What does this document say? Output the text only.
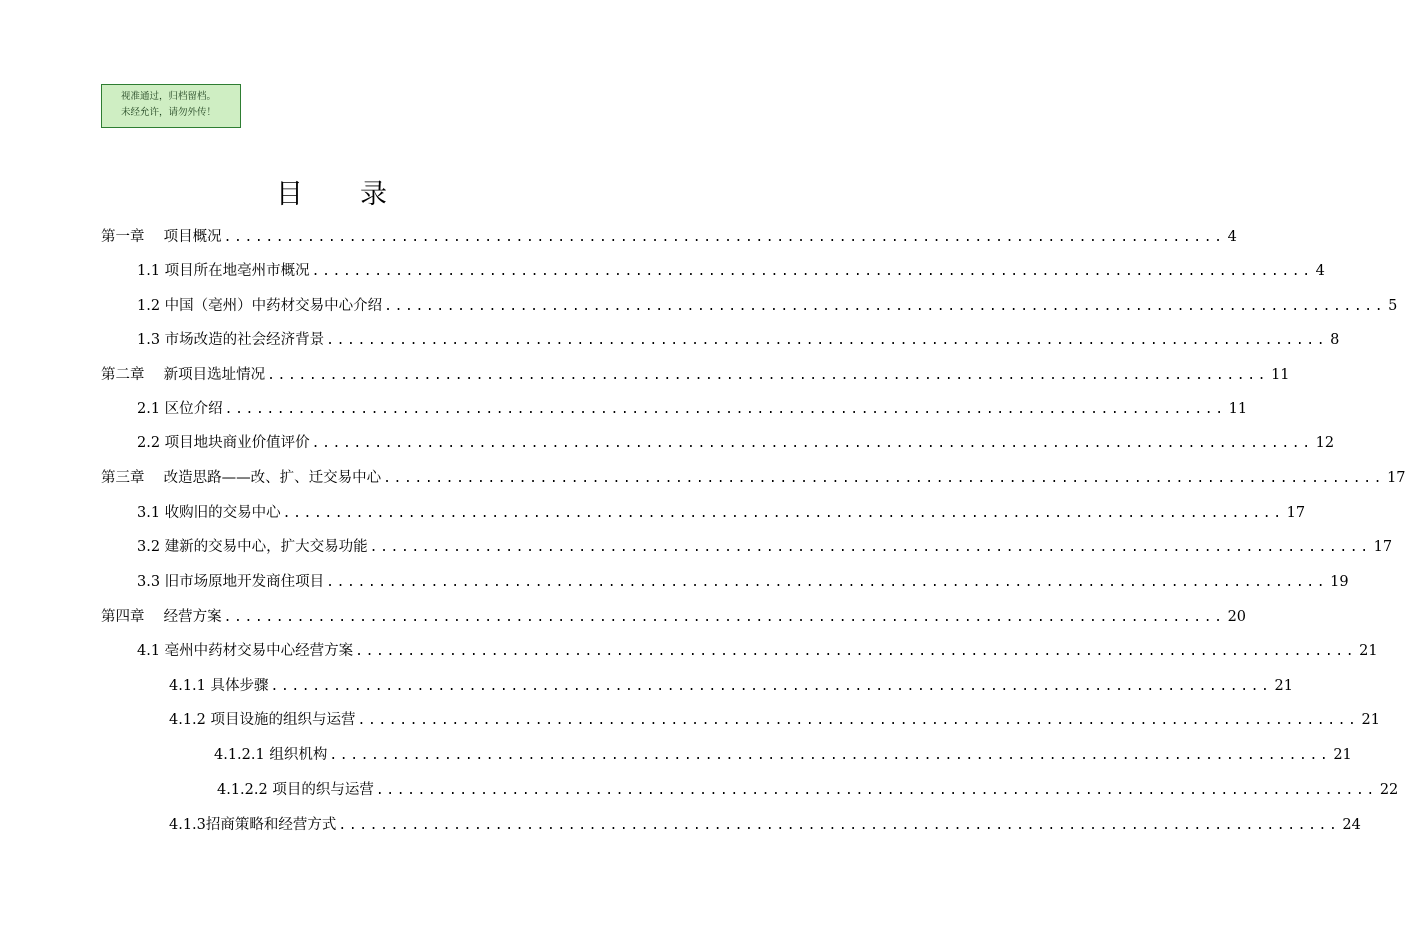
视准通过，归档留档。
未经允许，请勿外传！
目 录
第一章　 项目概况 ................................................................................................ 4
1.1 项目所在地亳州市概况 ................................................................................................ 4
1.2 中国（亳州）中药材交易中心介绍 ................................................................................................ 5
1.3 市场改造的社会经济背景 ................................................................................................ 8
第二章　 新项目选址情况 ................................................................................................ 11
2.1 区位介绍 ................................................................................................ 11
2.2 项目地块商业价值评价 ................................................................................................ 12
第三章　 改造思路——改、扩、迁交易中心 ................................................................................................ 17
3.1 收购旧的交易中心 ................................................................................................ 17
3.2 建新的交易中心，扩大交易功能 ................................................................................................ 17
3.3 旧市场原地开发商住项目 ................................................................................................ 19
第四章　 经营方案 ................................................................................................ 20
4.1 亳州中药材交易中心经营方案 ................................................................................................ 21
4.1.1 具体步骤 ................................................................................................ 21
4.1.2 项目设施的组织与运营 ................................................................................................ 21
4.1.2.1 组织机构 ................................................................................................ 21
4.1.2.2 项目的织与运营 ................................................................................................ 22
4.1.3招商策略和经营方式 ................................................................................................ 24
